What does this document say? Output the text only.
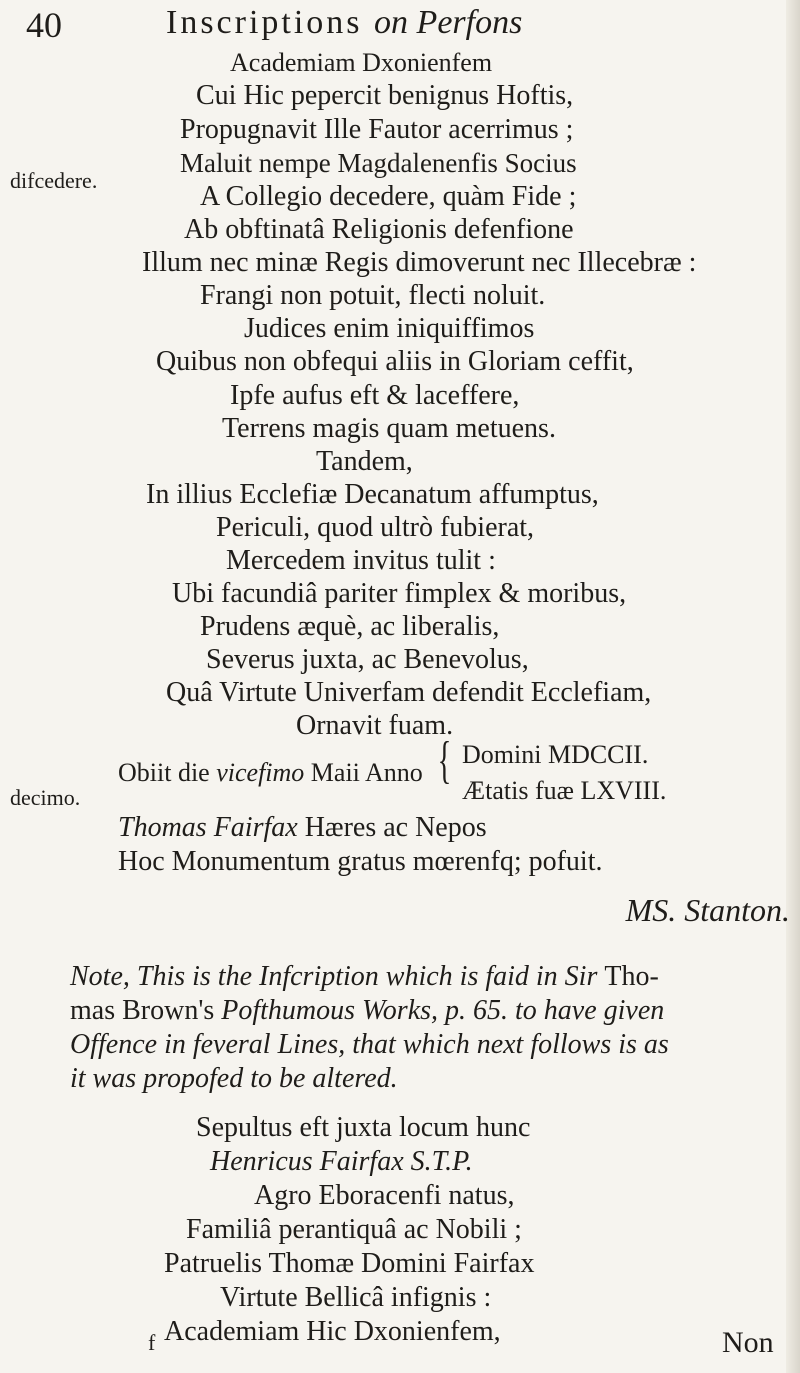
40	Inscriptions on Perfons
difcedere.
decimo.
Academiam Dxonienfem
Cui Hic pepercit benignus Hoftis,
Propugnavit Ille Fautor acerrimus ;
Maluit nempe Magdalenenfis Socius
A Collegio decedere, quàm Fide ;
Ab obftinatâ Religionis defenfione
Illum nec minæ Regis dimoverunt nec Illecebræ :
Frangi non potuit, flecti noluit.
Judices enim iniquiffimos
Quibus non obfequi aliis in Gloriam ceffit,
Ipfe aufus eft & laceffere,
Terrens magis quam metuens.
Tandem,
In illius Ecclefiæ Decanatum affumptus,
Periculi, quod ultrò fubierat,
Mercedem invitus tulit :
Ubi facundiâ pariter fimplex & moribus,
Prudens æquè, ac liberalis,
Severus juxta, ac Benevolus,
Quâ Virtute Univerfam defendit Ecclefiam,
Ornavit fuam.
Domini MDCCII.
Obiit die vicefimo Maii Anno {
Ætatis fuæ LXVIII.
Thomas Fairfax Hæres ac Nepos
Hoc Monumentum gratus mœrenfq; pofuit.
MS. Stanton.
Note, This is the Infcription which is faid in Sir Tho-
mas Brown's Pofthumous Works, p. 65. to have given
Offence in feveral Lines, that which next follows is as
it was propofed to be altered.
Sepultus eft juxta locum hunc
Henricus Fairfax S.T.P.
Agro Eboracenfi natus,
Familiâ perantiquâ ac Nobili ;
Patruelis Thomæ Domini Fairfax
Virtute Bellicâ infignis :
Academiam Hic Dxonienfem,
f	Non
